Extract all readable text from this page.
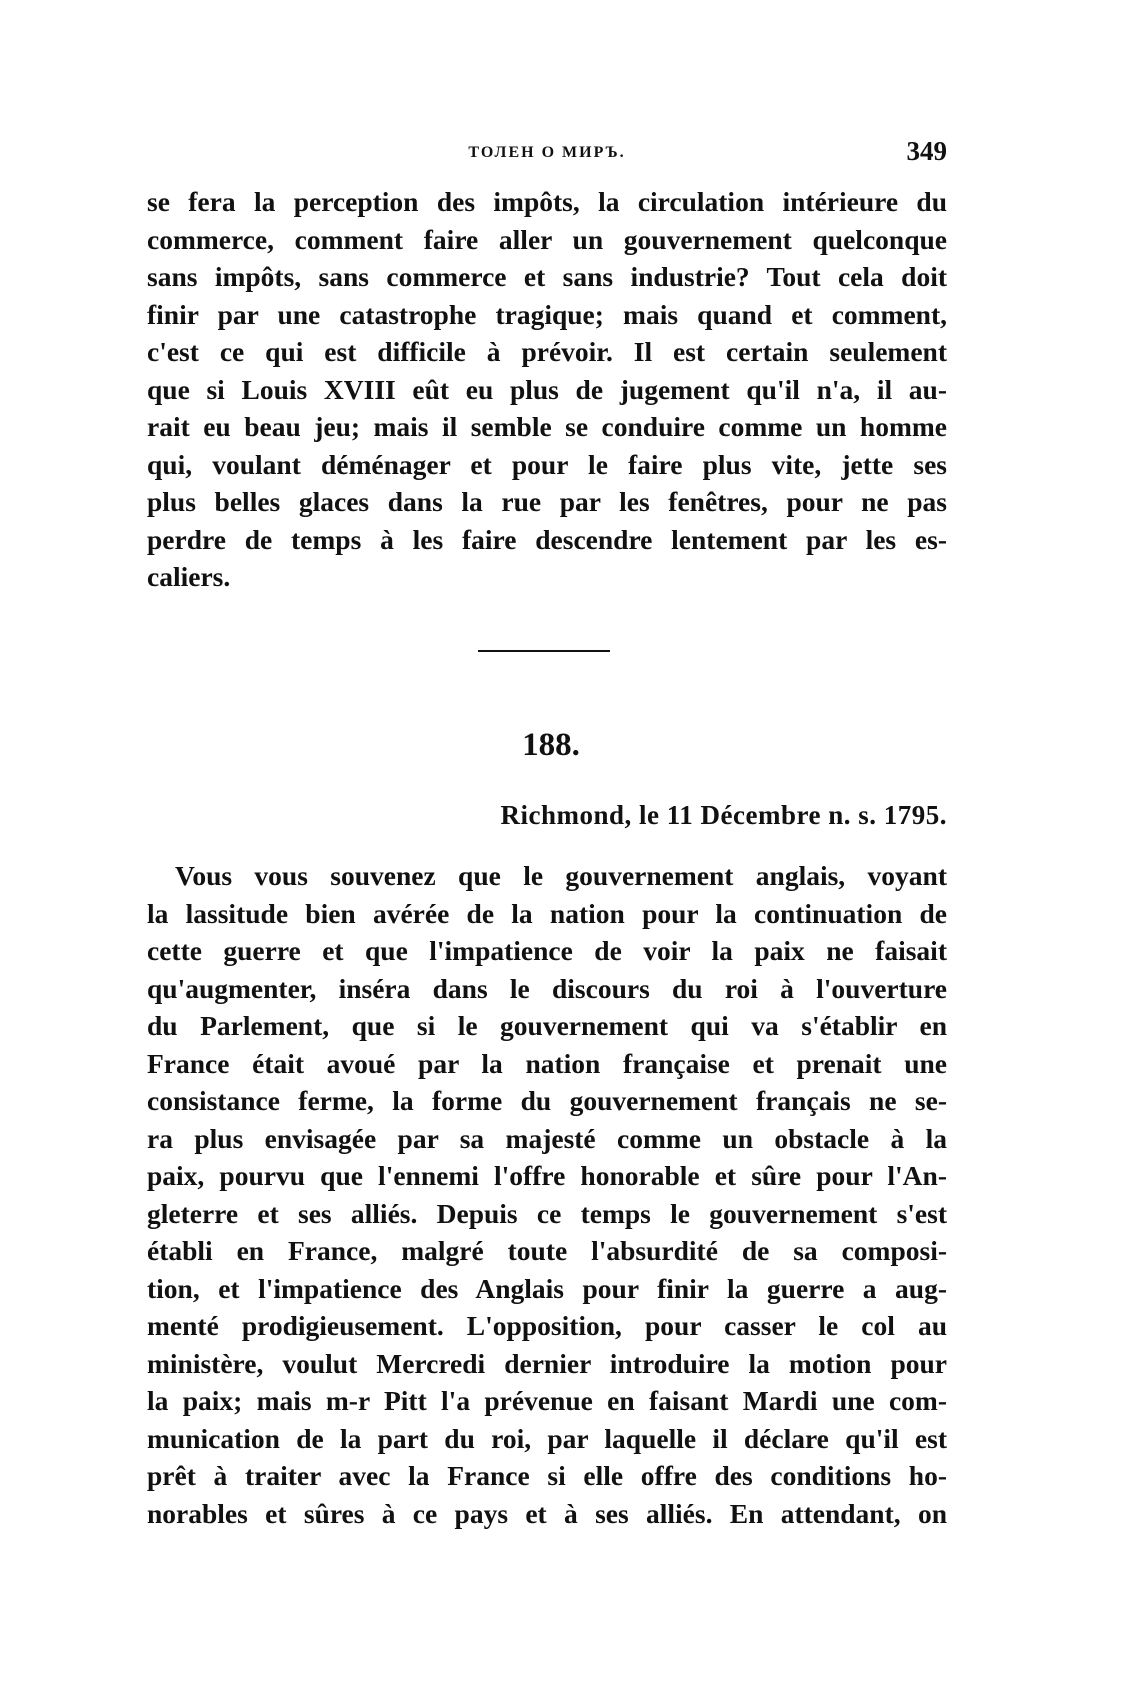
ТОЛЕН О МИРЪ.	349
se fera la perception des impôts, la circulation intérieure du
commerce, comment faire aller un gouvernement quelconque
sans impôts, sans commerce et sans industrie? Tout cela doit
finir par une catastrophe tragique; mais quand et comment,
c'est ce qui est difficile à prévoir. Il est certain seulement
que si Louis XVIII eût eu plus de jugement qu'il n'a, il au-
rait eu beau jeu; mais il semble se conduire comme un homme
qui, voulant déménager et pour le faire plus vite, jette ses
plus belles glaces dans la rue par les fenêtres, pour ne pas
perdre de temps à les faire descendre lentement par les es-
caliers.
188.
Richmond, le 11 Décembre n. s. 1795.
Vous vous souvenez que le gouvernement anglais, voyant
la lassitude bien avérée de la nation pour la continuation de
cette guerre et que l'impatience de voir la paix ne faisait
qu'augmenter, inséra dans le discours du roi à l'ouverture
du Parlement, que si le gouvernement qui va s'établir en
France était avoué par la nation française et prenait une
consistance ferme, la forme du gouvernement français ne se-
ra plus envisagée par sa majesté comme un obstacle à la
paix, pourvu que l'ennemi l'offre honorable et sûre pour l'An-
gleterre et ses alliés. Depuis ce temps le gouvernement s'est
établi en France, malgré toute l'absurdité de sa composi-
tion, et l'impatience des Anglais pour finir la guerre a aug-
menté prodigieusement. L'opposition, pour casser le col au
ministère, voulut Mercredi dernier introduire la motion pour
la paix; mais m-r Pitt l'a prévenue en faisant Mardi une com-
munication de la part du roi, par laquelle il déclare qu'il est
prêt à traiter avec la France si elle offre des conditions ho-
norables et sûres à ce pays et à ses alliés. En attendant, on
